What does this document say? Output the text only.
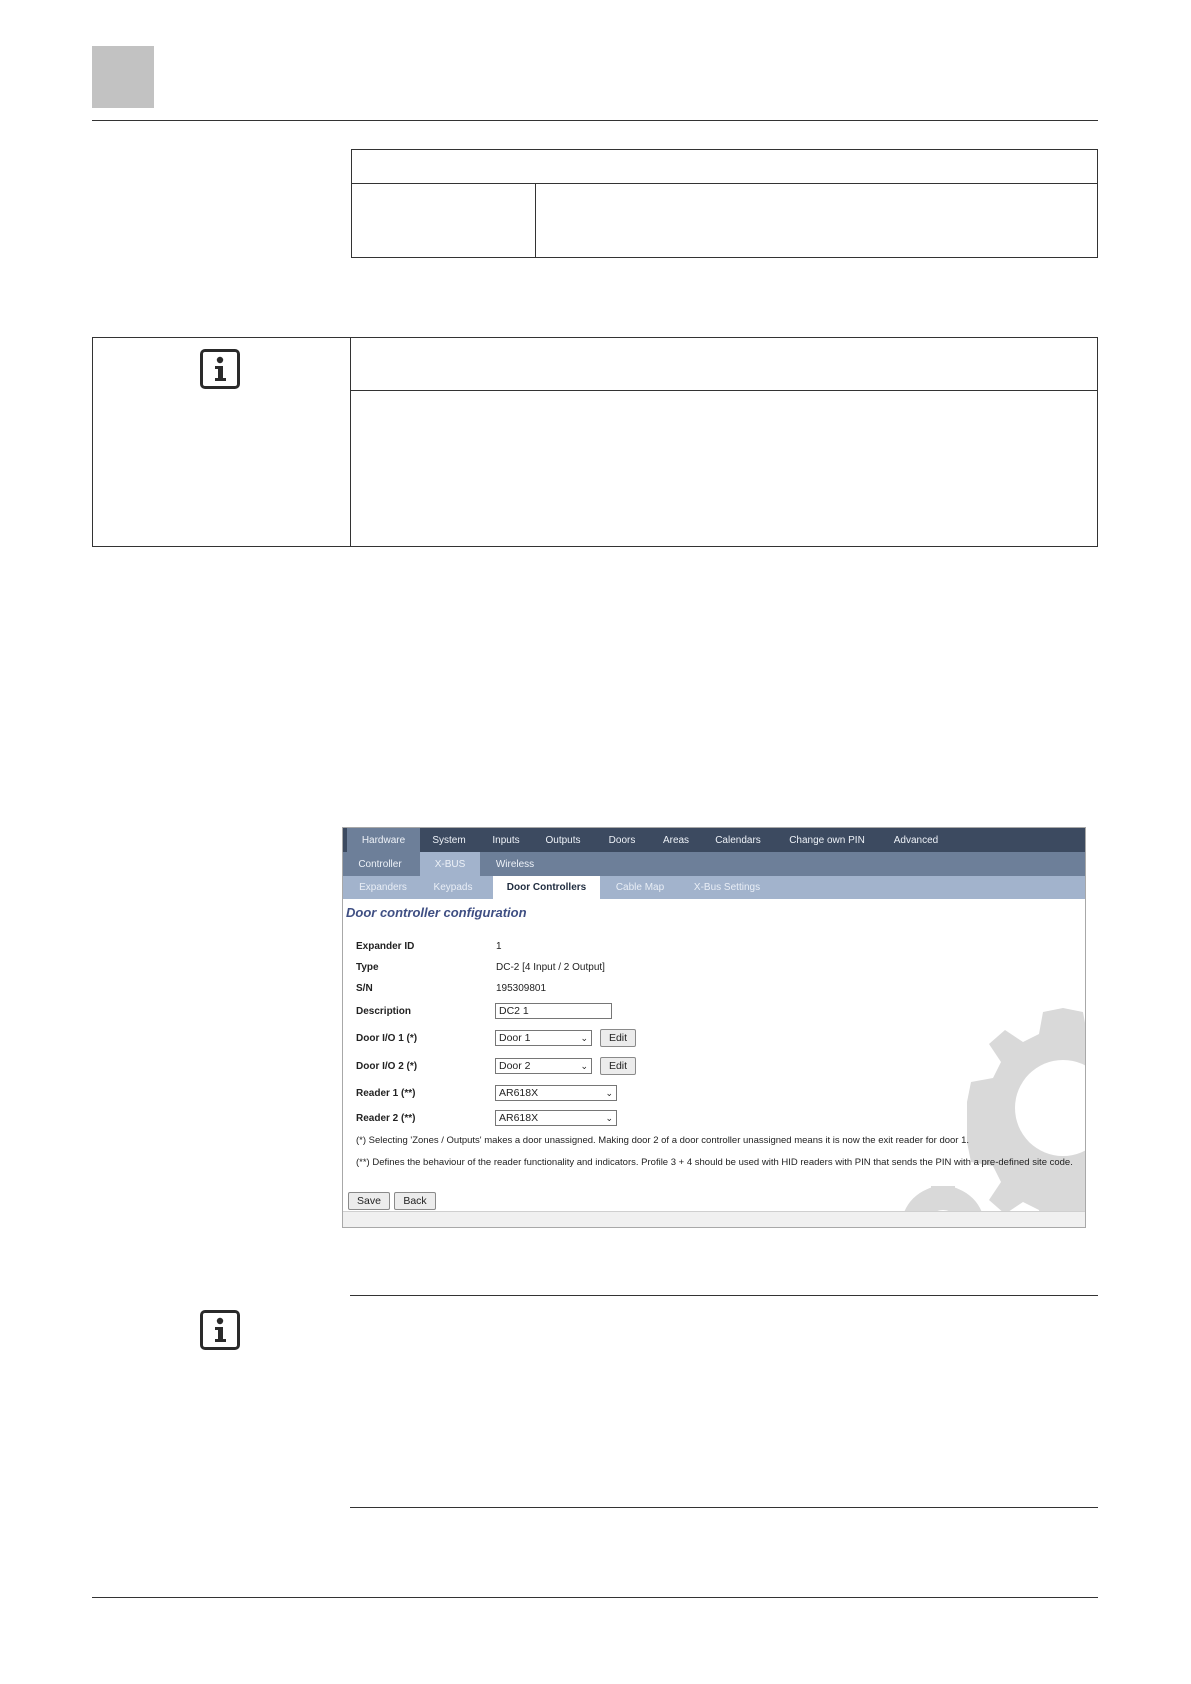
Hardware	System	Inputs	Outputs	Doors	Areas	Calendars	Change own PIN	Advanced
Controller	X-BUS	Wireless
Expanders	Keypads	Door Controllers	Cable Map	X-Bus Settings
Door controller configuration
Expander ID	1
Type	DC-2 [4 Input / 2 Output]
S/N	195309801
Description	DC2 1
Door I/O 1 (*)	Door 1	⌄	Edit
Door I/O 2 (*)	Door 2	⌄	Edit
Reader 1 (**)	AR618X	⌄
Reader 2 (**)	AR618X	⌄
(*) Selecting 'Zones / Outputs' makes a door unassigned. Making door 2 of a door controller unassigned means it is now the exit reader for door 1.
(**) Defines the behaviour of the reader functionality and indicators. Profile 3 + 4 should be used with HID readers with PIN that sends the PIN with a pre-defined site code.
Save	Back
